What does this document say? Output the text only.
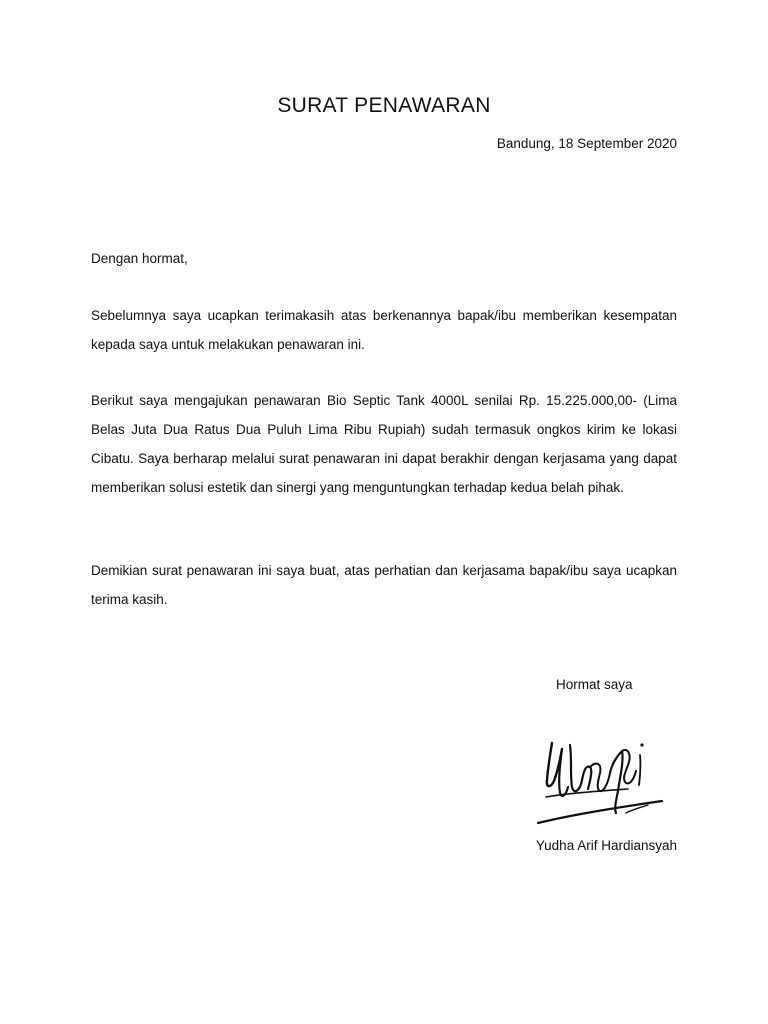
SURAT PENAWARAN
Bandung, 18 September 2020
Dengan hormat,

Sebelumnya saya ucapkan terimakasih atas berkenannya bapak/ibu memberikan kesempatan kepada saya untuk melakukan penawaran ini.

Berikut saya mengajukan penawaran Bio Septic Tank 4000L senilai Rp. 15.225.000,00- (Lima Belas Juta Dua Ratus Dua Puluh Lima Ribu Rupiah) sudah termasuk ongkos kirim ke lokasi Cibatu. Saya berharap melalui surat penawaran ini dapat berakhir dengan kerjasama yang dapat memberikan solusi estetik dan sinergi yang menguntungkan terhadap kedua belah pihak.

Demikian surat penawaran ini saya buat, atas perhatian dan kerjasama bapak/ibu saya ucapkan terima kasih.

Hormat saya
Yudha Arif Hardiansyah
